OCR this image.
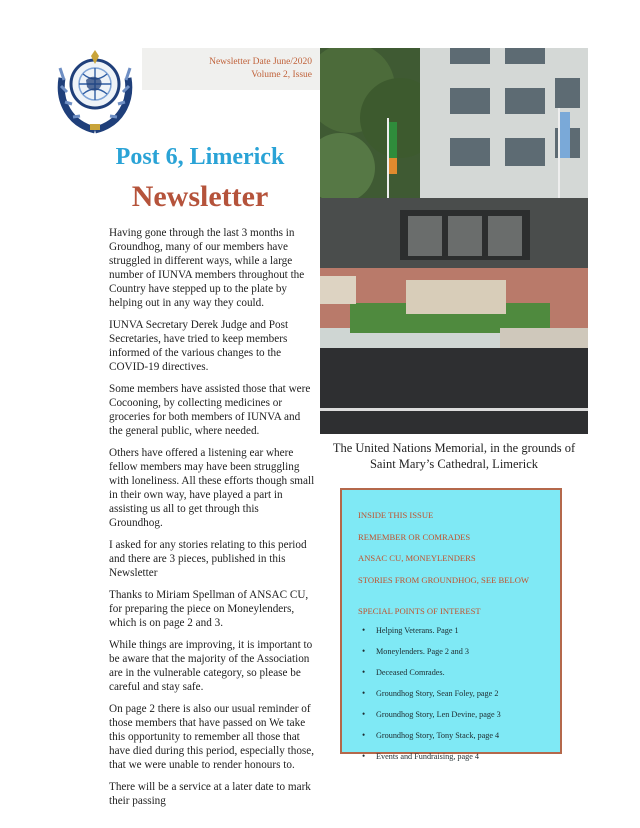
Newsletter Date June/2020
Volume 2, Issue
Post 6, Limerick
Newsletter

Having gone through the last 3 months in Groundhog, many of our members have struggled in different ways, while a large number of IUNVA members throughout the Country have stepped up to the plate by helping out in any way they could.

IUNVA Secretary Derek Judge and Post Secretaries, have tried to keep members informed of the various changes to the COVID-19 directives.

Some members have assisted those that were Cocooning, by collecting medicines or groceries for both members of IUNVA and the general public, where needed.

Others have offered a listening ear where fellow members may have been struggling with loneliness. All these efforts though small in their own way, have played a part in assisting us all to get through this Groundhog.

I asked for any stories relating to this period and there are 3 pieces, published in this Newsletter

Thanks to Miriam Spellman of ANSAC CU, for preparing the piece on Moneylenders, which is on page 2 and 3.

While things are improving, it is important to be aware that the majority of the Association are in the vulnerable category, so please be careful and stay safe.

On page 2 there is also our usual reminder of those members that have passed on We take this opportunity to remember all those that have died during this period, especially those, that we were unable to render honours to.

There will be a service at a later date to mark their passing

The United Nations Memorial, in the grounds of Saint Mary’s Cathedral, Limerick
INSIDE THIS ISSUE
REMEMBER OR COMRADES
ANSAC CU, MONEYLENDERS
STORIES FROM GROUNDHOG, SEE BELOW
SPECIAL POINTS OF INTEREST
• Helping Veterans. Page 1
• Moneylenders. Page 2 and 3
• Deceased Comrades.
• Groundhog Story, Sean Foley, page 2
• Groundhog Story, Len Devine, page 3
• Groundhog Story, Tony Stack, page 4
• Events and Fundraising, page 4
